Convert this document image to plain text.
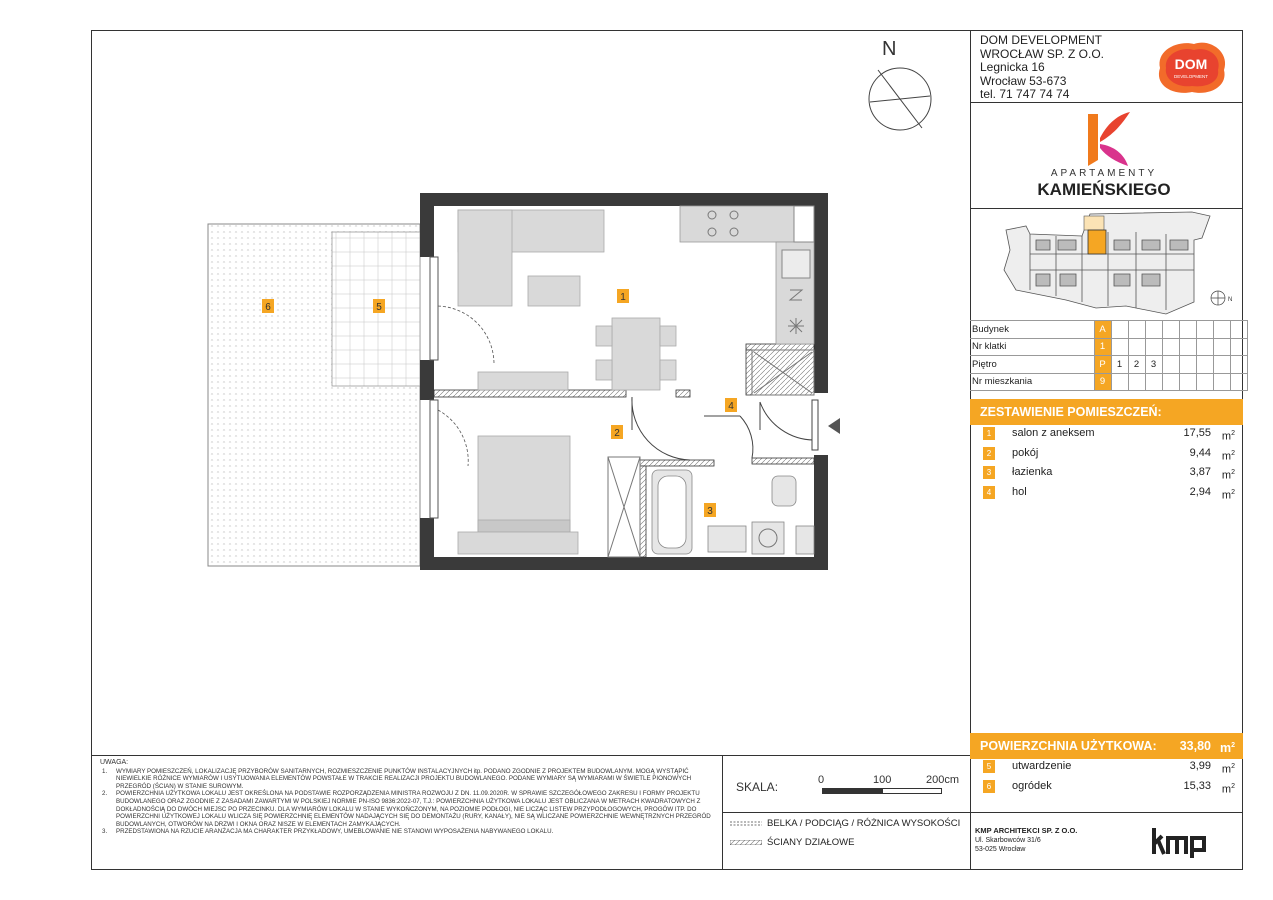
DOM DEVELOPMENT
WROCŁAW SP. Z O.O.
Legnicka 16
Wrocław 53-673
tel. 71 747 74 74
DOM
DEVELOPMENT
APARTAMENTY
KAMIEŃSKIEGO
N
Budynek	A								
Nr klatki	1								
Piętro	P	1	2	3					
Nr mieszkania	9								
ZESTAWIENIE POMIESZCZEŃ:
1	salon z aneksem	17,55 $m^2$
2	pokój	9,44 $m^2$
3	łazienka	3,87 $m^2$
4	hol	2,94 $m^2$
POWIERZCHNIA UŻYTKOWA: 33,80 $m^2$
5	utwardzenie	3,99 $m^2$
6	ogródek	15,33 $m^2$
1
2
3
4
5
6
N
UWAGA:
1. WYMIARY POMIESZCZEŃ, LOKALIZACJĘ PRZYBORÓW SANITARNYCH, ROZMIESZCZENIE PUNKTÓW INSTALACYJNYCH itp. PODANO ZGODNIE Z PROJEKTEM BUDOWLANYM. MOGĄ WYSTĄPIĆ NIEWIELKIE RÓŻNICE WYMIARÓW I USYTUOWANIA ELEMENTÓW POWSTAŁE W TRAKCIE REALIZACJI PROJEKTU BUDOWLANEGO. PODANE WYMIARY SĄ WYMIARAMI W ŚWIETLE PIONOWYCH PRZEGRÓD (ŚCIAN) W STANIE SUROWYM.
2. POWIERZCHNIA UŻYTKOWA LOKALU JEST OKREŚLONA NA PODSTAWIE ROZPORZĄDZENIA MINISTRA ROZWOJU Z DN. 11.09.2020R. W SPRAWIE SZCZEGÓŁOWEGO ZAKRESU I FORMY PROJEKTU BUDOWLANEGO ORAZ ZGODNIE Z ZASADAMI ZAWARTYMI W POLSKIEJ NORMIE PN-ISO 9836:2022-07, T.J.: POWIERZCHNIA UŻYTKOWA LOKALU JEST OBLICZANA W METRACH KWADRATOWYCH Z DOKŁADNOŚCIĄ DO DWÓCH MIEJSC PO PRZECINKU. DLA WYMIARÓW LOKALU W STANIE WYKOŃCZONYM, NA POZIOMIE PODŁOGI, NIE LICZĄC LISTEW PRZYPODŁOGOWYCH, PROGÓW ITP. DO POWIERZCHNI UŻYTKOWEJ LOKALU WLICZA SIĘ POWIERZCHNIĘ ELEMENTÓW NADAJĄCYCH SIĘ DO DEMONTAŻU (RURY, KANAŁY), NIE SĄ WLICZANE POWIERZCHNIE WEWNĘTRZNYCH PRZEGRÓD BUDOWLANYCH, OTWORÓW NA DRZWI I OKNA ORAZ NISZE W ELEMENTACH ZAMYKAJĄCYCH.
3. PRZEDSTAWIONA NA RZUCIE ARANŻACJA MA CHARAKTER PRZYKŁADOWY, UMEBLOWANIE NIE STANOWI WYPOSAŻENIA NABYWANEGO LOKALU.
SKALA:	0	100	200cm
BELKA / PODCIĄG / RÓŻNICA WYSOKOŚCI
ŚCIANY DZIAŁOWE
KMP ARCHITEKCI SP. Z O.O.
Ul. Skarbowców 31/6
53-025 Wrocław
